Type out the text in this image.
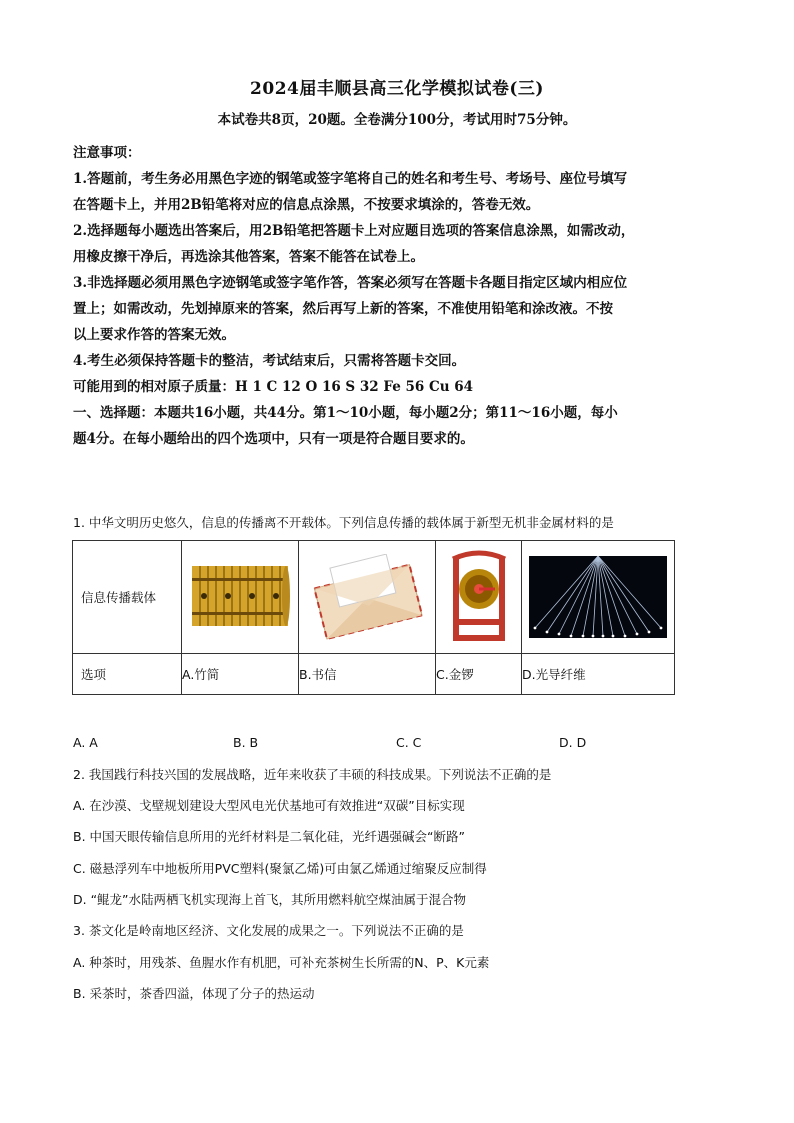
2024届丰顺县高三化学模拟试卷(三)
本试卷共8页，20题。全卷满分100分，考试用时75分钟。

注意事项：

1.答题前，考生务必用黑色字迹的钢笔或签字笔将自己的姓名和考生号、考场号、座位号填写

在答题卡上，并用2B铅笔将对应的信息点涂黑，不按要求填涂的，答卷无效。

2.选择题每小题选出答案后，用2B铅笔把答题卡上对应题目选项的答案信息涂黑，如需改动，

用橡皮擦干净后，再选涂其他答案，答案不能答在试卷上。

3.非选择题必须用黑色字迹钢笔或签字笔作答，答案必须写在答题卡各题目指定区域内相应位

置上；如需改动，先划掉原来的答案，然后再写上新的答案，不准使用铅笔和涂改液。不按

以上要求作答的答案无效。

4.考生必须保持答题卡的整洁，考试结束后，只需将答题卡交回。

可能用到的相对原子质量：H 1 C 12 O 16 S 32 Fe 56 Cu 64

一、选择题：本题共16小题，共44分。第1～10小题，每小题2分；第11～16小题，每小

题4分。在每小题给出的四个选项中，只有一项是符合题目要求的。

1. 中华文明历史悠久，信息的传播离不开载体。下列信息传播的载体属于新型无机非金属材料的是
信息传播载体	

选项	A.竹简	B.书信	C.金锣	D.光导纤维
A. A	B. B	C. C	D. D
2. 我国践行科技兴国的发展战略，近年来收获了丰硕的科技成果。下列说法不正确的是
A. 在沙漠、戈壁规划建设大型风电光伏基地可有效推进“双碳”目标实现
B. 中国天眼传输信息所用的光纤材料是二氧化硅，光纤遇强碱会“断路”
C. 磁悬浮列车中地板所用PVC塑料(聚氯乙烯)可由氯乙烯通过缩聚反应制得
D. “鲲龙”水陆两栖飞机实现海上首飞，其所用燃料航空煤油属于混合物
3. 茶文化是岭南地区经济、文化发展的成果之一。下列说法不正确的是
A. 种茶时，用残茶、鱼腥水作有机肥，可补充茶树生长所需的N、P、K元素
B. 采茶时，茶香四溢，体现了分子的热运动
